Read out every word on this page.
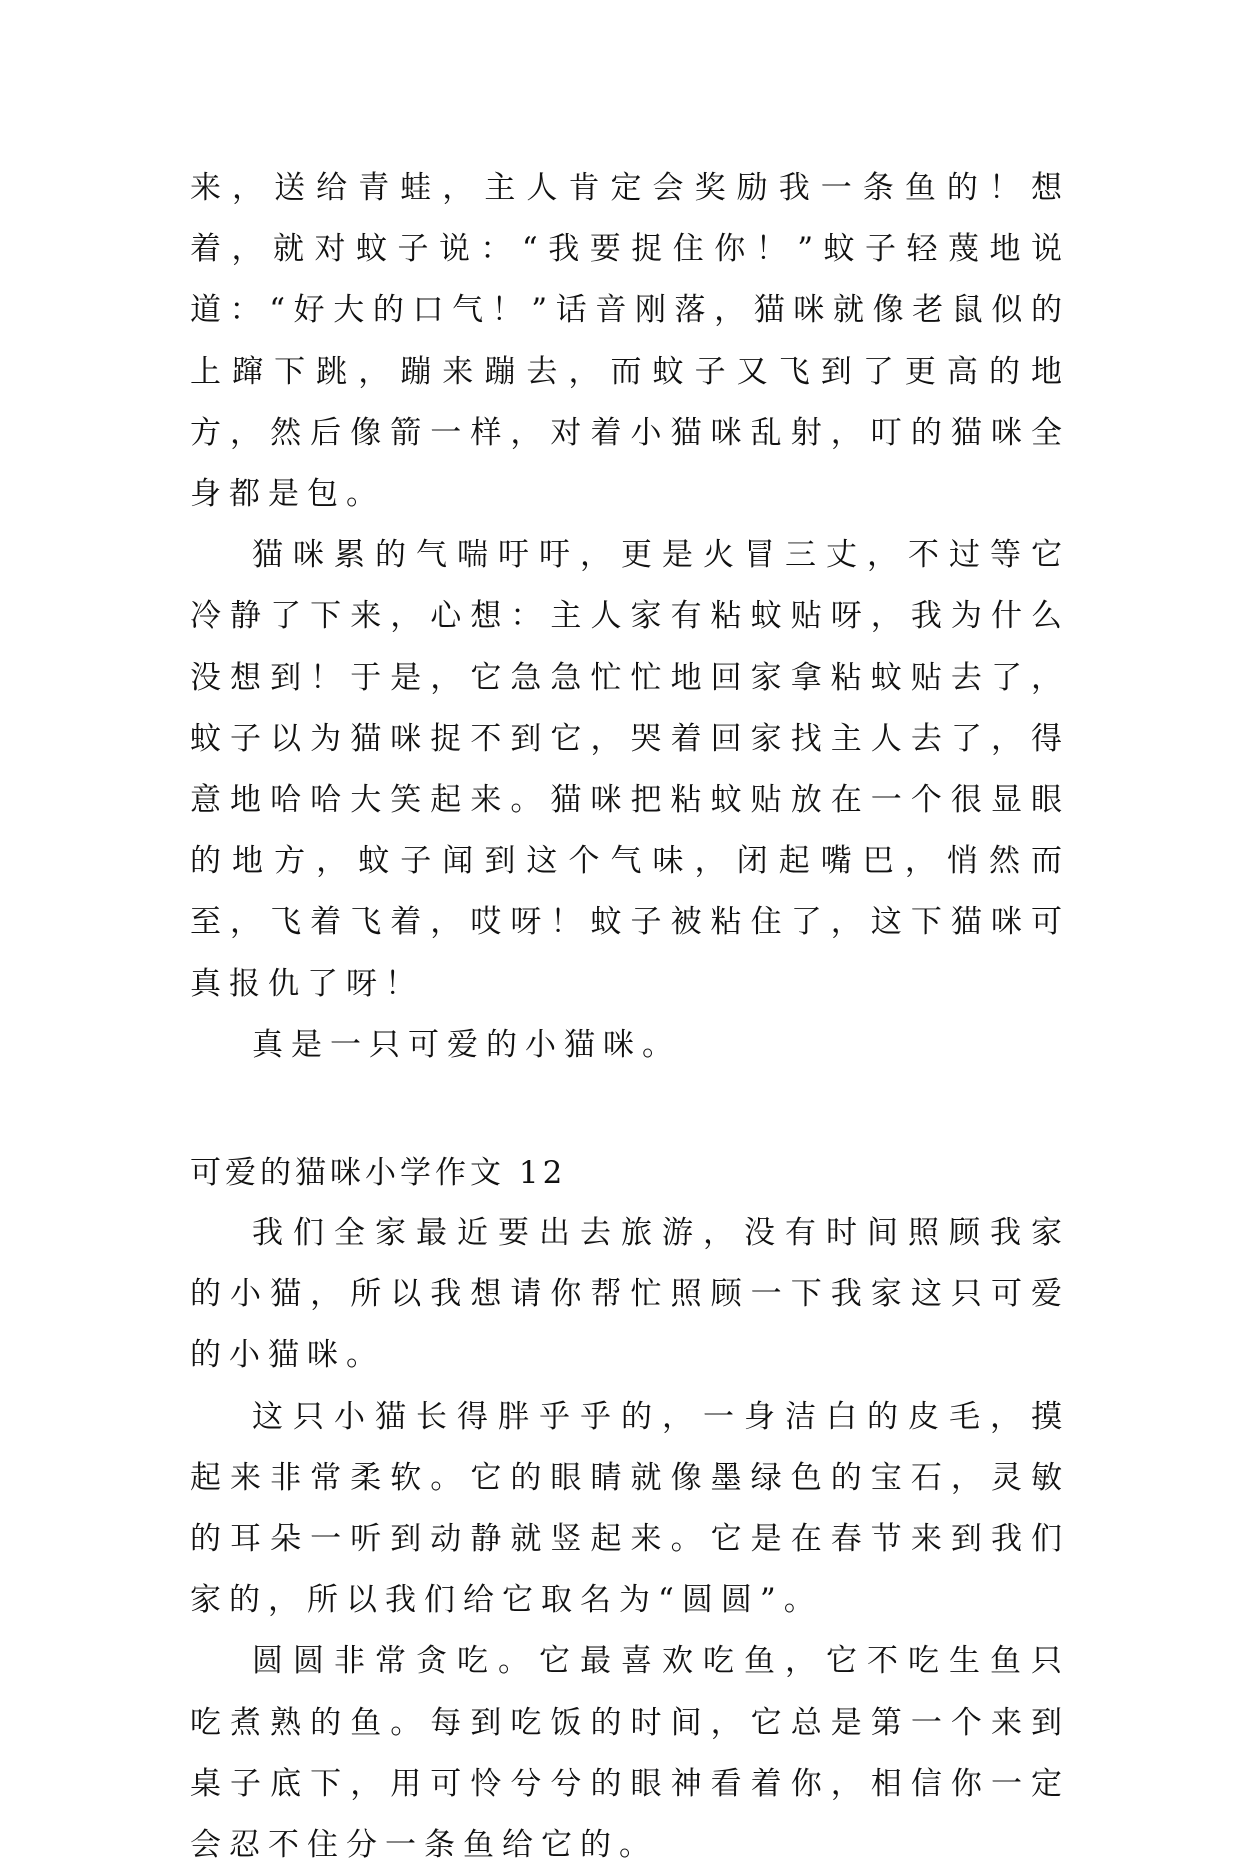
来，送给青蛙，主人肯定会奖励我一条鱼的！想着，就对蚊子说：“我要捉住你！”蚊子轻蔑地说道：“好大的口气！”话音刚落，猫咪就像老鼠似的上蹿下跳，蹦来蹦去，而蚊子又飞到了更高的地方，然后像箭一样，对着小猫咪乱射，叮的猫咪全身都是包。

猫咪累的气喘吁吁，更是火冒三丈，不过等它冷静了下来，心想：主人家有粘蚊贴呀，我为什么没想到！于是，它急急忙忙地回家拿粘蚊贴去了，蚊子以为猫咪捉不到它，哭着回家找主人去了，得意地哈哈大笑起来。猫咪把粘蚊贴放在一个很显眼的地方，蚊子闻到这个气味，闭起嘴巴，悄然而至，飞着飞着，哎呀！蚊子被粘住了，这下猫咪可真报仇了呀！

真是一只可爱的小猫咪。

可爱的猫咪小学作文 12

我们全家最近要出去旅游，没有时间照顾我家的小猫，所以我想请你帮忙照顾一下我家这只可爱的小猫咪。

这只小猫长得胖乎乎的，一身洁白的皮毛，摸起来非常柔软。它的眼睛就像墨绿色的宝石，灵敏的耳朵一听到动静就竖起来。它是在春节来到我们家的，所以我们给它取名为“圆圆”。

圆圆非常贪吃。它最喜欢吃鱼，它不吃生鱼只吃煮熟的鱼。每到吃饭的时间，它总是第一个来到桌子底下，用可怜兮兮的眼神看着你，相信你一定会忍不住分一条鱼给它的。
